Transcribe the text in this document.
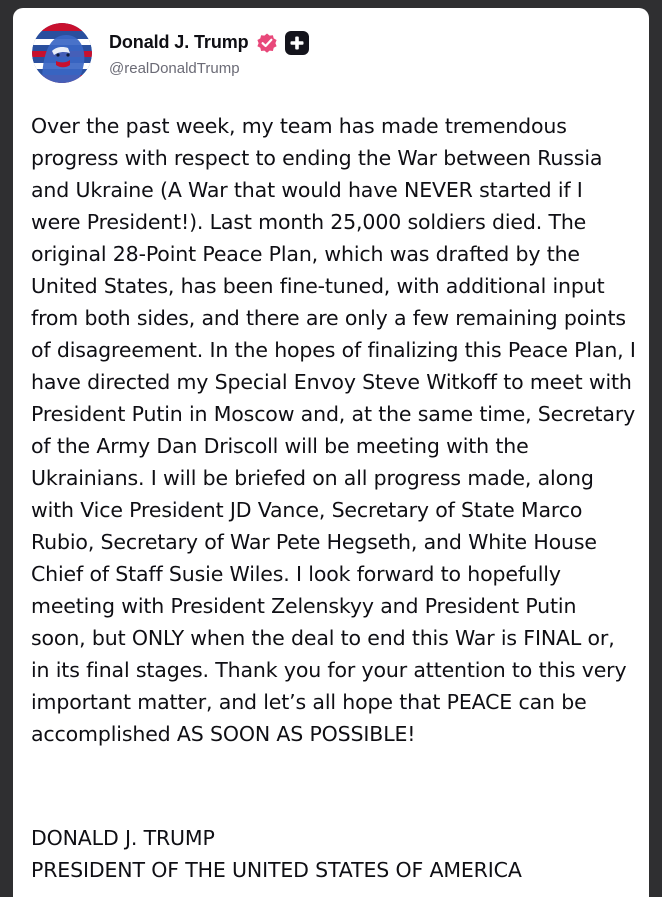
Donald J. Trump
@realDonaldTrump
Over the past week, my team has made tremendous progress with respect to ending the War between Russia and Ukraine (A War that would have NEVER started if I were President!). Last month 25,000 soldiers died. The original 28-Point Peace Plan, which was drafted by the United States, has been fine-tuned, with additional input from both sides, and there are only a few remaining points of disagreement. In the hopes of finalizing this Peace Plan, I have directed my Special Envoy Steve Witkoff to meet with President Putin in Moscow and, at the same time, Secretary of the Army Dan Driscoll will be meeting with the Ukrainians. I will be briefed on all progress made, along with Vice President JD Vance, Secretary of State Marco Rubio, Secretary of War Pete Hegseth, and White House Chief of Staff Susie Wiles. I look forward to hopefully meeting with President Zelenskyy and President Putin soon, but ONLY when the deal to end this War is FINAL or, in its final stages. Thank you for your attention to this very important matter, and let’s all hope that PEACE can be accomplished AS SOON AS POSSIBLE!
DONALD J. TRUMP
PRESIDENT OF THE UNITED STATES OF AMERICA
